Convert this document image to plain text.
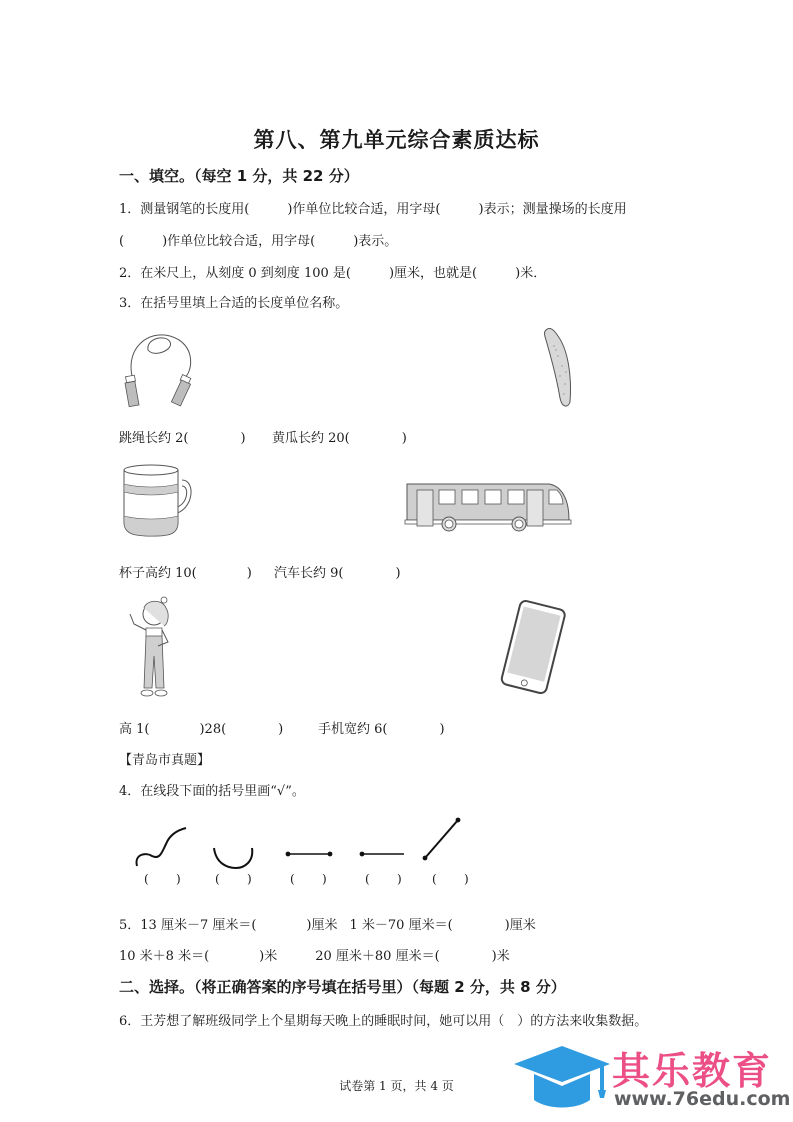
第八、第九单元综合素质达标
一、填空。（每空 1 分，共 22 分）
1．测量钢笔的长度用(	)作单位比较合适，用字母(	)表示；测量操场的长度用
(	)作单位比较合适，用字母(	)表示。
2．在米尺上，从刻度 0 到刻度 100 是(	)厘米，也就是(	)米．
3．在括号里填上合适的长度单位名称。
跳绳长约 2(	) 黄瓜长约 20(	)
杯子高约 10(	) 汽车长约 9(	)
高 1(	)28(	)	手机宽约 6(	)
【青岛市真题】
4．在线段下面的括号里画“√”。
( )	( )	( )	( )	( )
5．13 厘米－7 厘米＝(	)厘米 1 米－70 厘米＝(	)厘米
10 米＋8 米＝(	)米	20 厘米＋80 厘米＝(	)米
二、选择。（将正确答案的序号填在括号里）（每题 2 分，共 8 分）
6．王芳想了解班级同学上个星期每天晚上的睡眠时间，她可以用（　）的方法来收集数据。
其乐教育
www.76edu.com
试卷第 1 页，共 4 页
